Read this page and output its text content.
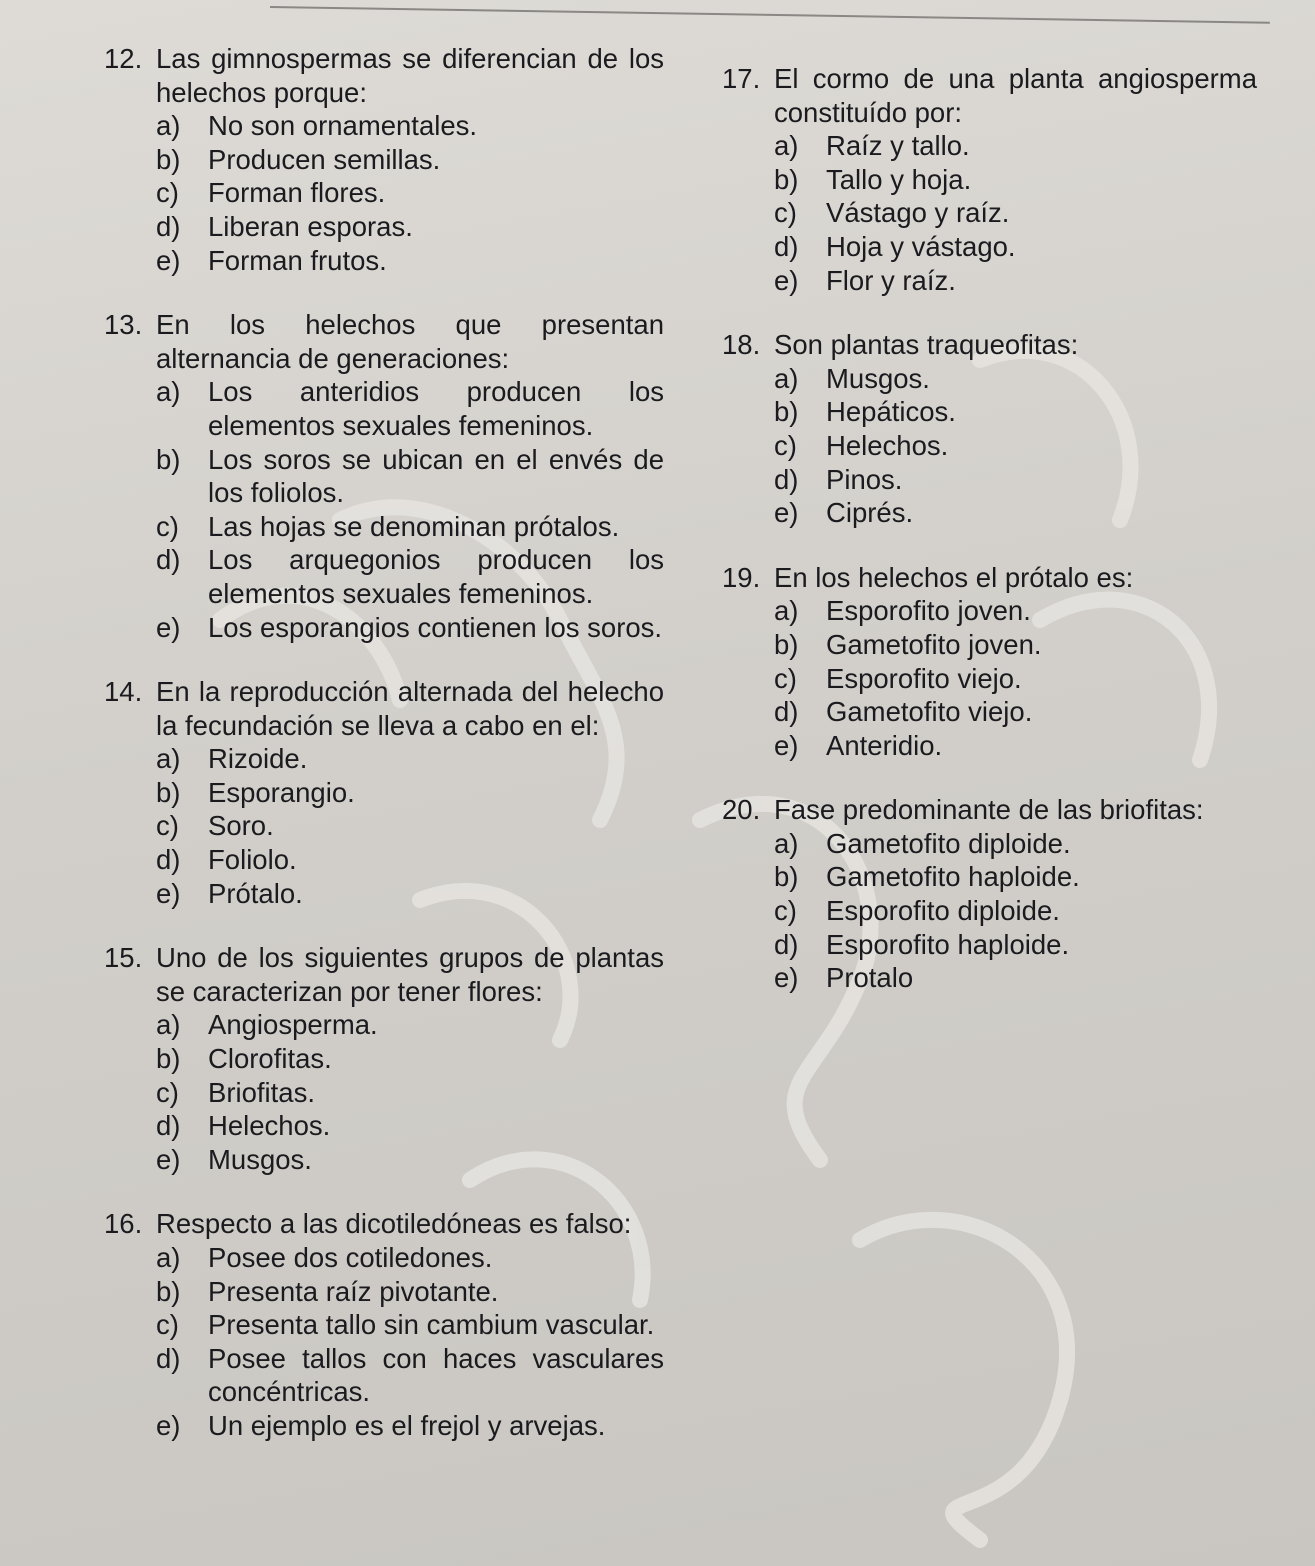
12. Las gimnospermas se diferencian de los helechos porque:
a)	No son ornamentales.
b)	Producen semillas.
c)	Forman flores.
d)	Liberan esporas.
e)	Forman frutos.
13. En los helechos que presentan alternancia de generaciones:
a)	Los anteridios producen los elementos sexuales femeninos.
b)	Los soros se ubican en el envés de los foliolos.
c)	Las hojas se denominan prótalos.
d)	Los arquegonios producen los elementos sexuales femeninos.
e)	Los esporangios contienen los soros.
14. En la reproducción alternada del helecho la fecundación se lleva a cabo en el:
a)	Rizoide.
b)	Esporangio.
c)	Soro.
d)	Foliolo.
e)	Prótalo.
15. Uno de los siguientes grupos de plantas se caracterizan por tener flores:
a)	Angiosperma.
b)	Clorofitas.
c)	Briofitas.
d)	Helechos.
e)	Musgos.
16. Respecto a las dicotiledóneas es falso:
a)	Posee dos cotiledones.
b)	Presenta raíz pivotante.
c)	Presenta tallo sin cambium vascular.
d)	Posee tallos con haces vasculares concéntricas.
e)	Un ejemplo es el frejol y arvejas.
17. El cormo de una planta angiosperma constituído por:
a)	Raíz y tallo.
b)	Tallo y hoja.
c)	Vástago y raíz.
d)	Hoja y vástago.
e)	Flor y raíz.
18. Son plantas traqueofitas:
a)	Musgos.
b)	Hepáticos.
c)	Helechos.
d)	Pinos.
e)	Ciprés.
19. En los helechos el prótalo es:
a)	Esporofito joven.
b)	Gametofito joven.
c)	Esporofito viejo.
d)	Gametofito viejo.
e)	Anteridio.
20. Fase predominante de las briofitas:
a)	Gametofito diploide.
b)	Gametofito haploide.
c)	Esporofito diploide.
d)	Esporofito haploide.
e)	Protalo
